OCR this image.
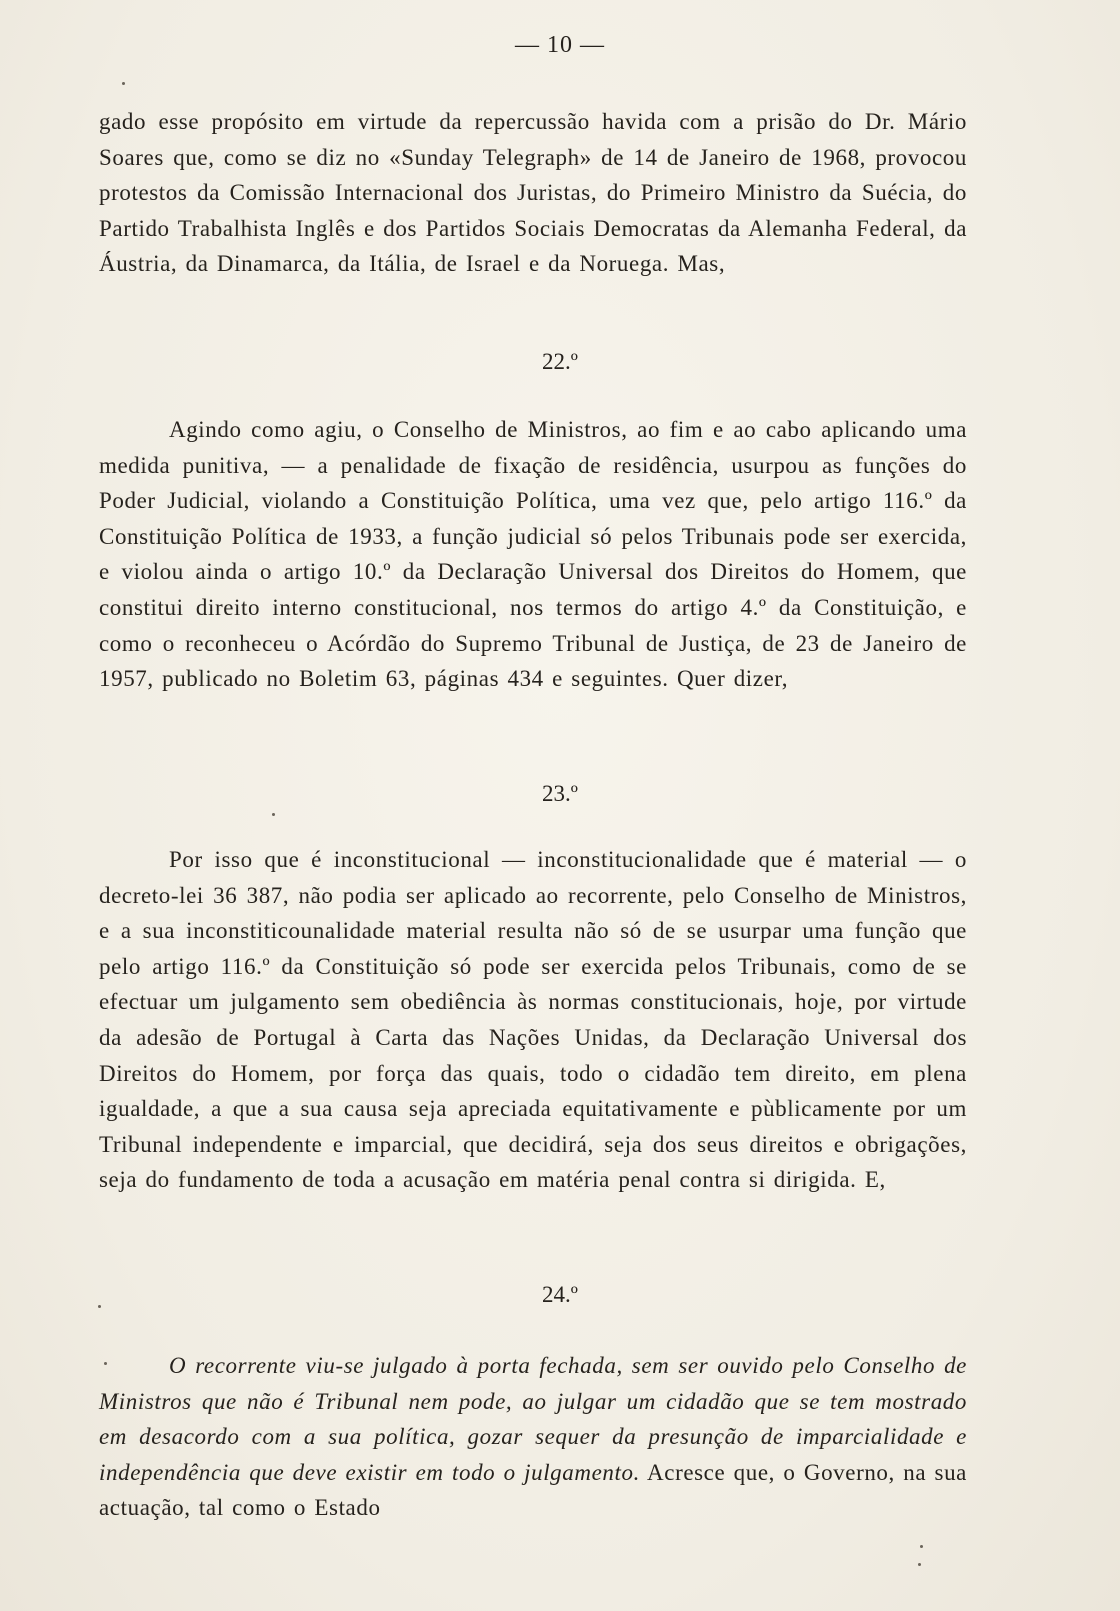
— 10 —

gado esse propósito em virtude da repercussão havida com a prisão do Dr. Mário Soares que, como se diz no «Sunday Telegraph» de 14 de Janeiro de 1968, provocou protestos da Comissão Internacional dos Juristas, do Primeiro Ministro da Suécia, do Partido Trabalhista Inglês e dos Partidos Sociais Democratas da Alemanha Federal, da Áustria, da Dinamarca, da Itália, de Israel e da Noruega. Mas,

22.º

Agindo como agiu, o Conselho de Ministros, ao fim e ao cabo aplicando uma medida punitiva, — a penalidade de fixação de residência, usurpou as funções do Poder Judicial, violando a Constituição Política, uma vez que, pelo artigo 116.º da Constituição Política de 1933, a função judicial só pelos Tribunais pode ser exercida, e violou ainda o artigo 10.º da Declaração Universal dos Direitos do Homem, que constitui direito interno constitucional, nos termos do artigo 4.º da Constituição, e como o reconheceu o Acórdão do Supremo Tribunal de Justiça, de 23 de Janeiro de 1957, publicado no Boletim 63, páginas 434 e seguintes. Quer dizer,

23.º

Por isso que é inconstitucional — inconstitucionalidade que é material — o decreto-lei 36 387, não podia ser aplicado ao recorrente, pelo Conselho de Ministros, e a sua inconstiticounalidade material resulta não só de se usurpar uma função que pelo artigo 116.º da Constituição só pode ser exercida pelos Tribunais, como de se efectuar um julgamento sem obediência às normas constitucionais, hoje, por virtude da adesão de Portugal à Carta das Nações Unidas, da Declaração Universal dos Direitos do Homem, por força das quais, todo o cidadão tem direito, em plena igualdade, a que a sua causa seja apreciada equitativamente e pùblicamente por um Tribunal independente e imparcial, que decidirá, seja dos seus direitos e obrigações, seja do fundamento de toda a acusação em matéria penal contra si dirigida. E,

24.º

O recorrente viu-se julgado à porta fechada, sem ser ouvido pelo Conselho de Ministros que não é Tribunal nem pode, ao julgar um cidadão que se tem mostrado em desacordo com a sua política, gozar sequer da presunção de imparcialidade e independência que deve existir em todo o julgamento. Acresce que, o Governo, na sua actuação, tal como o Estado
